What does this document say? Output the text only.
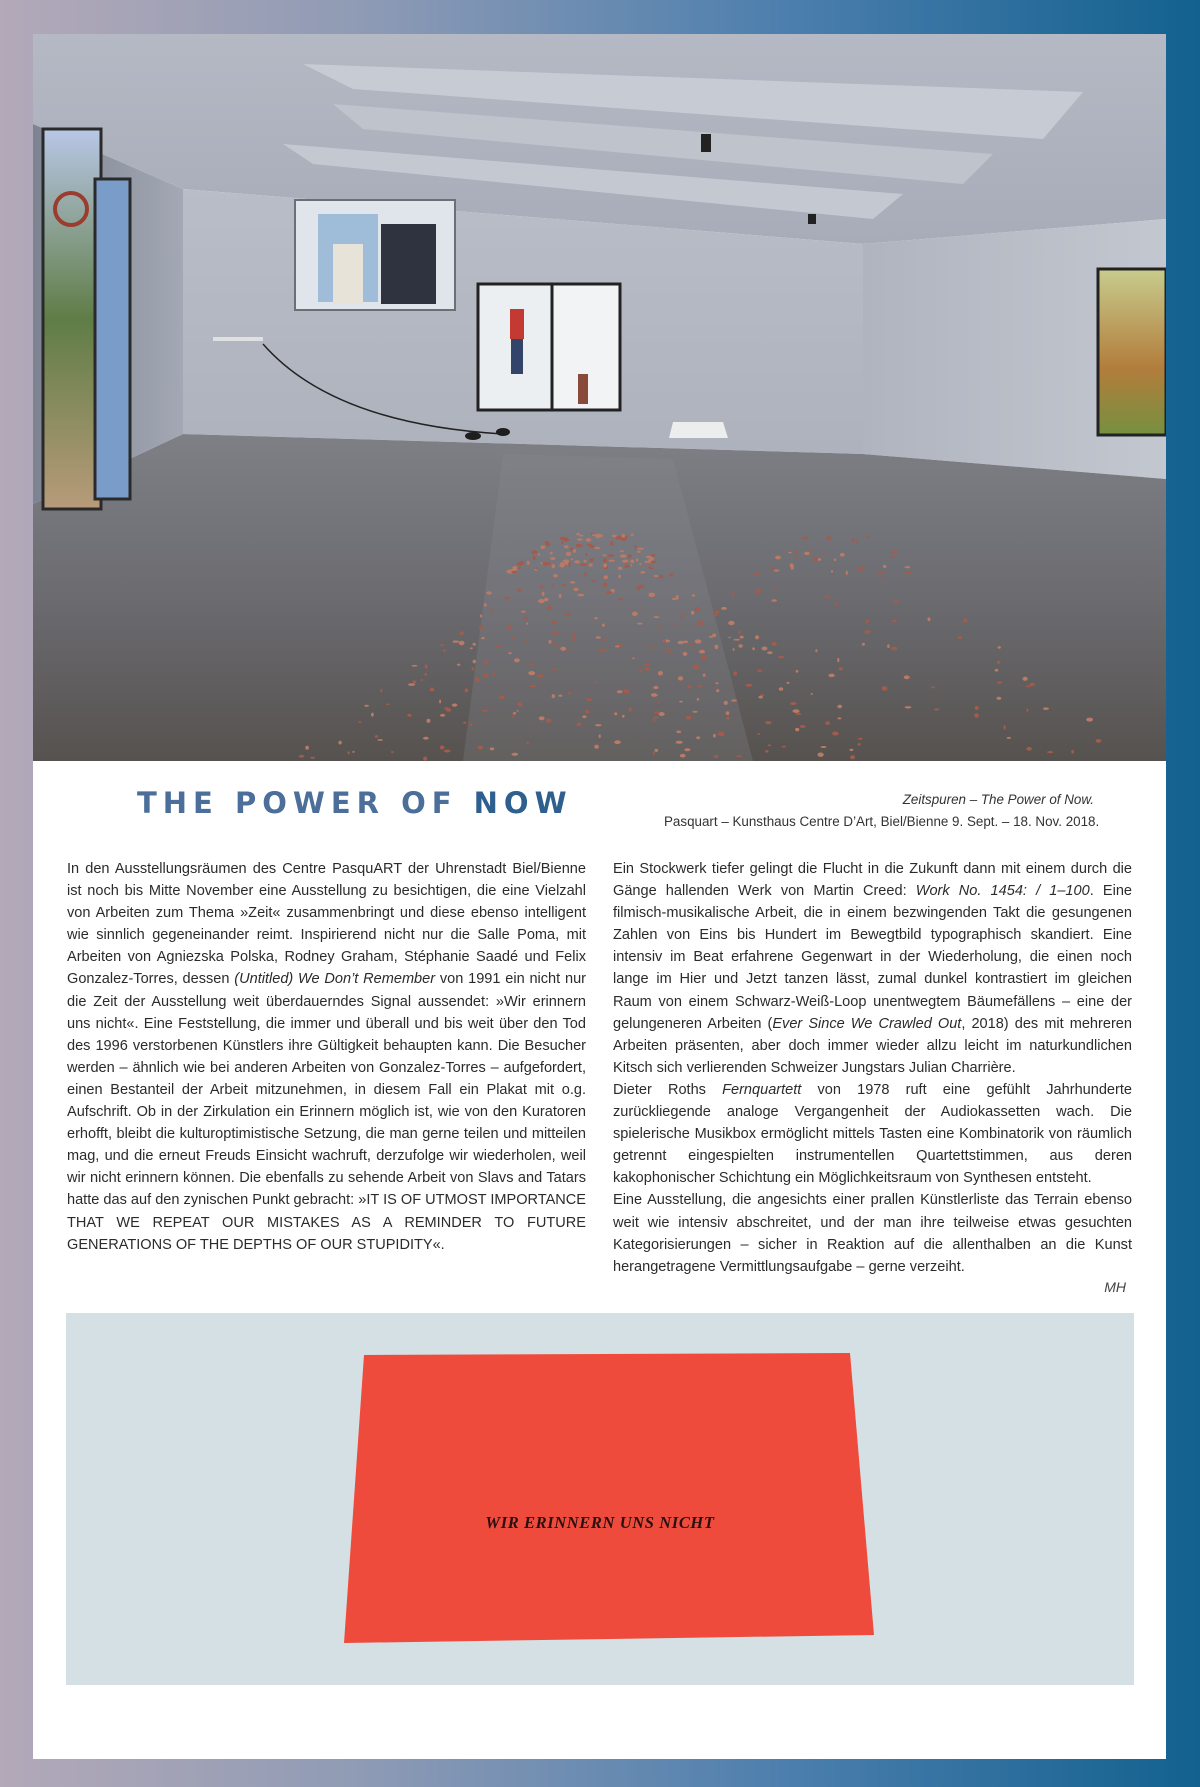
THE POWER OF NOW	Zeitspuren – The Power of Now.
Pasquart – Kunsthaus Centre D’Art, Biel/Bienne 9. Sept. – 18. Nov. 2018.

In den Ausstellungsräumen des Centre PasquART der Uhrenstadt Biel/Bienne ist noch bis Mitte November eine Ausstellung zu besichtigen, die eine Vielzahl von Arbeiten zum Thema »Zeit« zusammenbringt und diese ebenso intelligent wie sinnlich gegeneinander reimt. Inspirierend nicht nur die Salle Poma, mit Arbeiten von Agniezska Polska, Rodney Graham, Stéphanie Saadé und Felix Gonzalez-Torres, dessen (Untitled) We Don’t Remember von 1991 ein nicht nur die Zeit der Ausstellung weit überdauerndes Signal aussendet: »Wir erinnern uns nicht«. Eine Feststellung, die immer und überall und bis weit über den Tod des 1996 verstorbenen Künstlers ihre Gültigkeit behaupten kann. Die Besucher werden – ähnlich wie bei anderen Arbeiten von Gonzalez-Torres – aufgefordert, einen Bestanteil der Arbeit mitzunehmen, in diesem Fall ein Plakat mit o.g. Aufschrift. Ob in der Zirkulation ein Erinnern möglich ist, wie von den Kuratoren erhofft, bleibt die kulturoptimistische Setzung, die man gerne teilen und mitteilen mag, und die erneut Freuds Einsicht wachruft, derzufolge wir wiederholen, weil wir nicht erinnern können. Die ebenfalls zu sehende Arbeit von Slavs and Tatars hatte das auf den zynischen Punkt gebracht: »IT IS OF UTMOST IMPORTANCE THAT WE REPEAT OUR MISTAKES AS A REMINDER TO FUTURE GENERATIONS OF THE DEPTHS OF OUR STUPIDITY«.

Ein Stockwerk tiefer gelingt die Flucht in die Zukunft dann mit einem durch die Gänge hallenden Werk von Martin Creed: Work No. 1454: / 1–100. Eine filmisch-musikalische Arbeit, die in einem bezwingenden Takt die gesungenen Zahlen von Eins bis Hundert im Bewegtbild typographisch skandiert. Eine intensiv im Beat erfahrene Gegenwart in der Wiederholung, die einen noch lange im Hier und Jetzt tanzen lässt, zumal dunkel kontrastiert im gleichen Raum von einem Schwarz-Weiß-Loop unentwegtem Bäumefällens – eine der gelungeneren Arbeiten (Ever Since We Crawled Out, 2018) des mit mehreren Arbeiten präsenten, aber doch immer wieder allzu leicht im naturkundlichen Kitsch sich verlierenden Schweizer Jungstars Julian Charrière.

Dieter Roths Fernquartett von 1978 ruft eine gefühlt Jahrhunderte zurückliegende analoge Vergangenheit der Audiokassetten wach. Die spielerische Musikbox ermöglicht mittels Tasten eine Kombinatorik von räumlich getrennt eingespielten instrumentellen Quartettstimmen, aus deren kakophonischer Schichtung ein Möglichkeitsraum von Synthesen entsteht.

Eine Ausstellung, die angesichts einer prallen Künstlerliste das Terrain ebenso weit wie intensiv abschreitet, und der man ihre teilweise etwas gesuchten Kategorisierungen – sicher in Reaktion auf die allenthalben an die Kunst herangetragene Vermittlungsaufgabe – gerne verzeiht.

MH
WIR ERINNERN UNS NICHT
